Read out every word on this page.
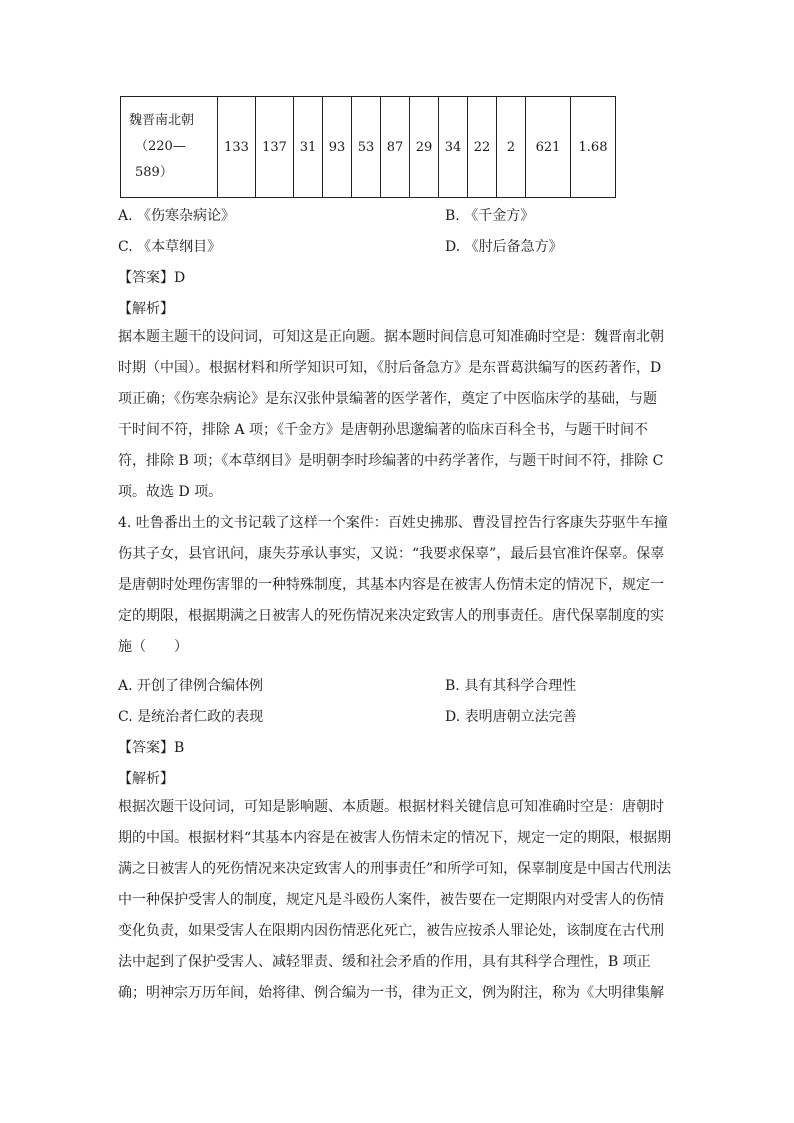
魏晋南北朝
（220—589）
	133	137	31	93	53	87	29	34	22	2	621	1.68
A. 《伤寒杂病论》	B. 《千金方》
C. 《本草纲目》	D. 《肘后备急方》
【答案】D
【解析】
据本题主题干的设问词，可知这是正向题。据本题时间信息可知准确时空是：魏晋南北朝
时期（中国）。根据材料和所学知识可知，《肘后备急方》是东晋葛洪编写的医药著作，D
项正确；《伤寒杂病论》是东汉张仲景编著的医学著作，奠定了中医临床学的基础，与题
干时间不符，排除 A 项；《千金方》是唐朝孙思邈编著的临床百科全书，与题干时间不
符，排除 B 项；《本草纲目》是明朝李时珍编著的中药学著作，与题干时间不符，排除 C
项。故选 D 项。
4. 吐鲁番出土的文书记载了这样一个案件：百姓史拂那、曹没冒控告行客康失芬驱牛车撞
伤其子女，县官讯问，康失芬承认事实，又说：“我要求保辜”，最后县官准许保辜。保辜
是唐朝时处理伤害罪的一种特殊制度，其基本内容是在被害人伤情未定的情况下，规定一
定的期限，根据期满之日被害人的死伤情况来决定致害人的刑事责任。唐代保辜制度的实
施（　　）
A. 开创了律例合编体例	B. 具有其科学合理性
C. 是统治者仁政的表现	D. 表明唐朝立法完善
【答案】B
【解析】
根据次题干设问词，可知是影响题、本质题。根据材料关键信息可知准确时空是：唐朝时
期的中国。根据材料“其基本内容是在被害人伤情未定的情况下，规定一定的期限，根据期
满之日被害人的死伤情况来决定致害人的刑事责任”和所学可知，保辜制度是中国古代刑法
中一种保护受害人的制度，规定凡是斗殴伤人案件，被告要在一定期限内对受害人的伤情
变化负责，如果受害人在限期内因伤情恶化死亡，被告应按杀人罪论处，该制度在古代刑
法中起到了保护受害人、减轻罪责、缓和社会矛盾的作用，具有其科学合理性，B 项正
确；明神宗万历年间，始将律、例合编为一书，律为正文，例为附注，称为《大明律集解
